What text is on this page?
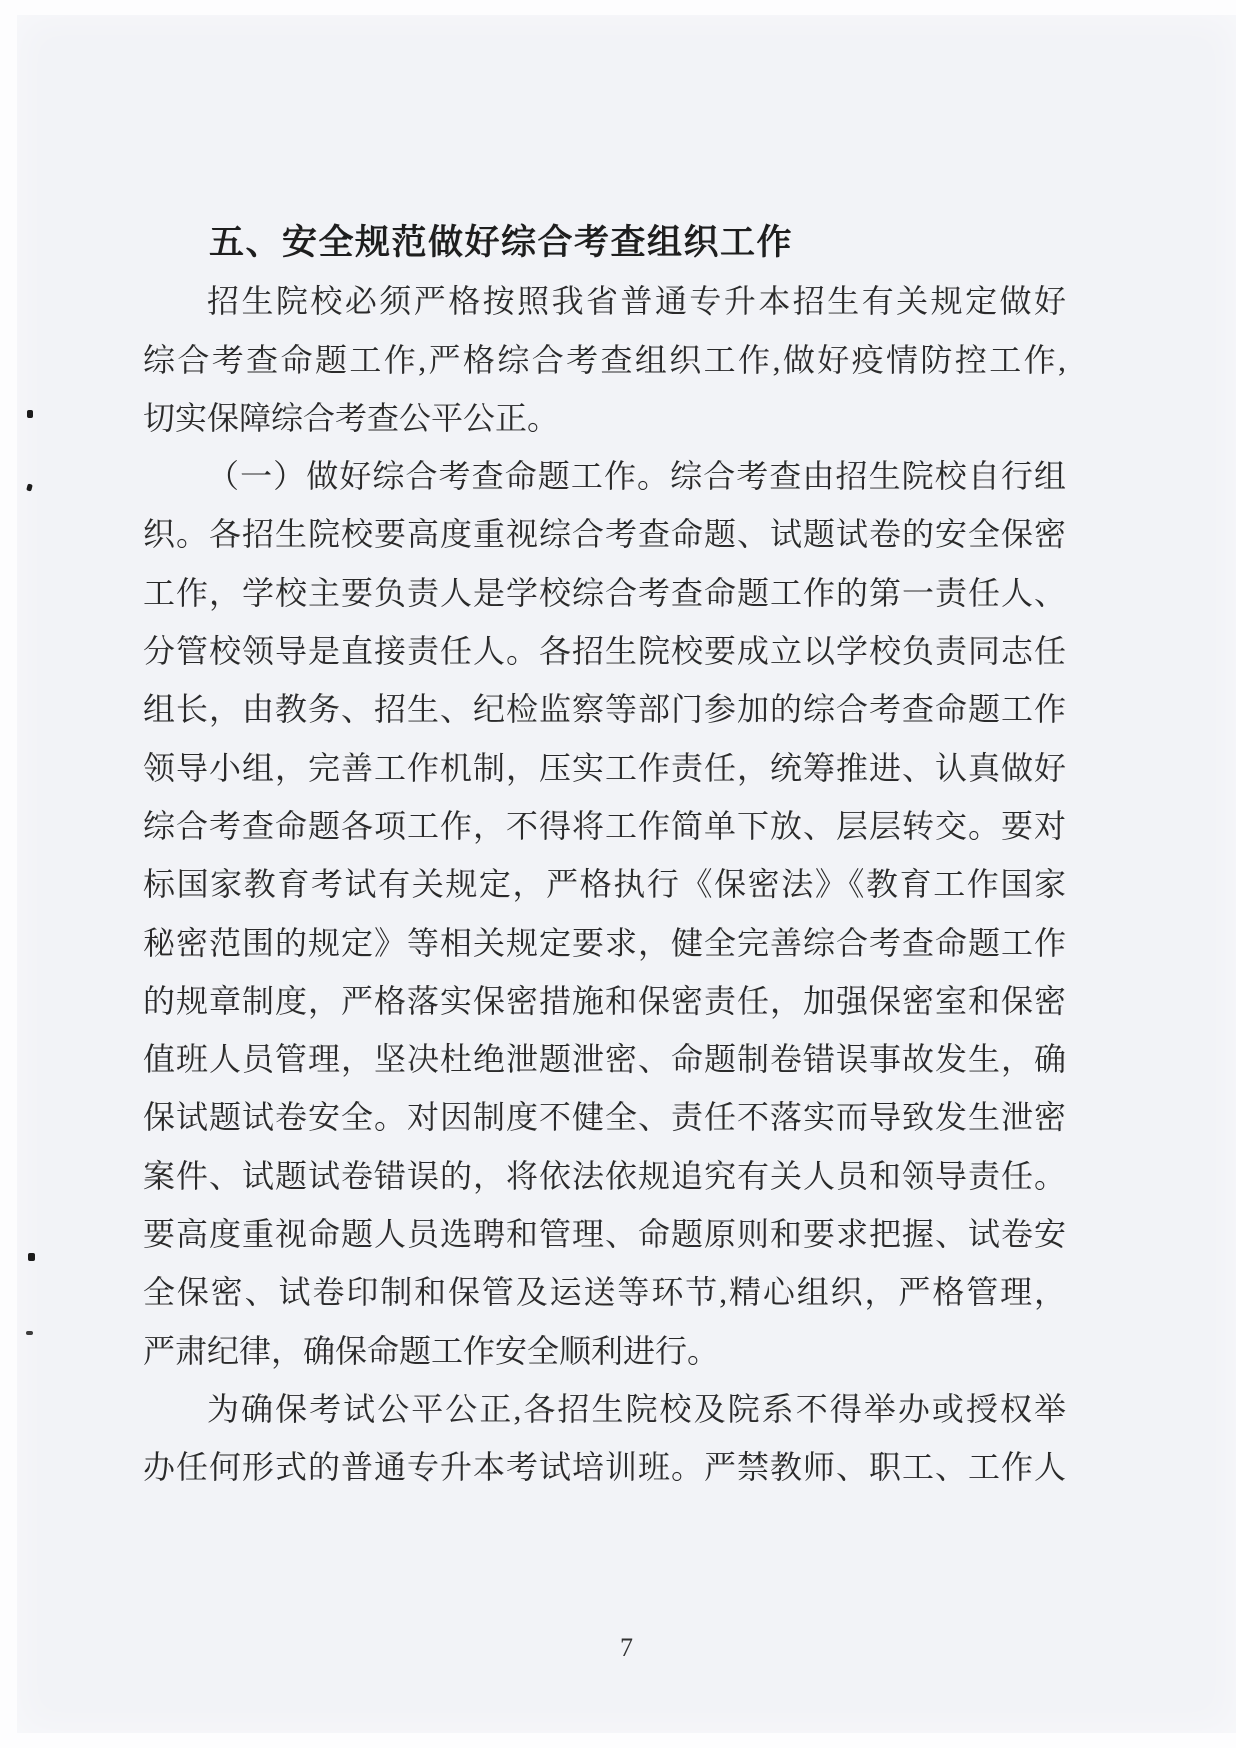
五、安全规范做好综合考查组织工作
招生院校必须严格按照我省普通专升本招生有关规定做好
综合考查命题工作,严格综合考查组织工作,做好疫情防控工作,
切实保障综合考查公平公正。
（一）做好综合考查命题工作。综合考查由招生院校自行组
织。各招生院校要高度重视综合考查命题、试题试卷的安全保密
工作，学校主要负责人是学校综合考查命题工作的第一责任人、
分管校领导是直接责任人。各招生院校要成立以学校负责同志任
组长，由教务、招生、纪检监察等部门参加的综合考查命题工作
领导小组，完善工作机制，压实工作责任，统筹推进、认真做好
综合考查命题各项工作，不得将工作简单下放、层层转交。要对
标国家教育考试有关规定，严格执行《保密法》《教育工作国家
秘密范围的规定》等相关规定要求，健全完善综合考查命题工作
的规章制度，严格落实保密措施和保密责任，加强保密室和保密
值班人员管理，坚决杜绝泄题泄密、命题制卷错误事故发生，确
保试题试卷安全。对因制度不健全、责任不落实而导致发生泄密
案件、试题试卷错误的，将依法依规追究有关人员和领导责任。
要高度重视命题人员选聘和管理、命题原则和要求把握、试卷安
全保密、试卷印制和保管及运送等环节,精心组织，严格管理，
严肃纪律，确保命题工作安全顺利进行。
为确保考试公平公正,各招生院校及院系不得举办或授权举
办任何形式的普通专升本考试培训班。严禁教师、职工、工作人
7
